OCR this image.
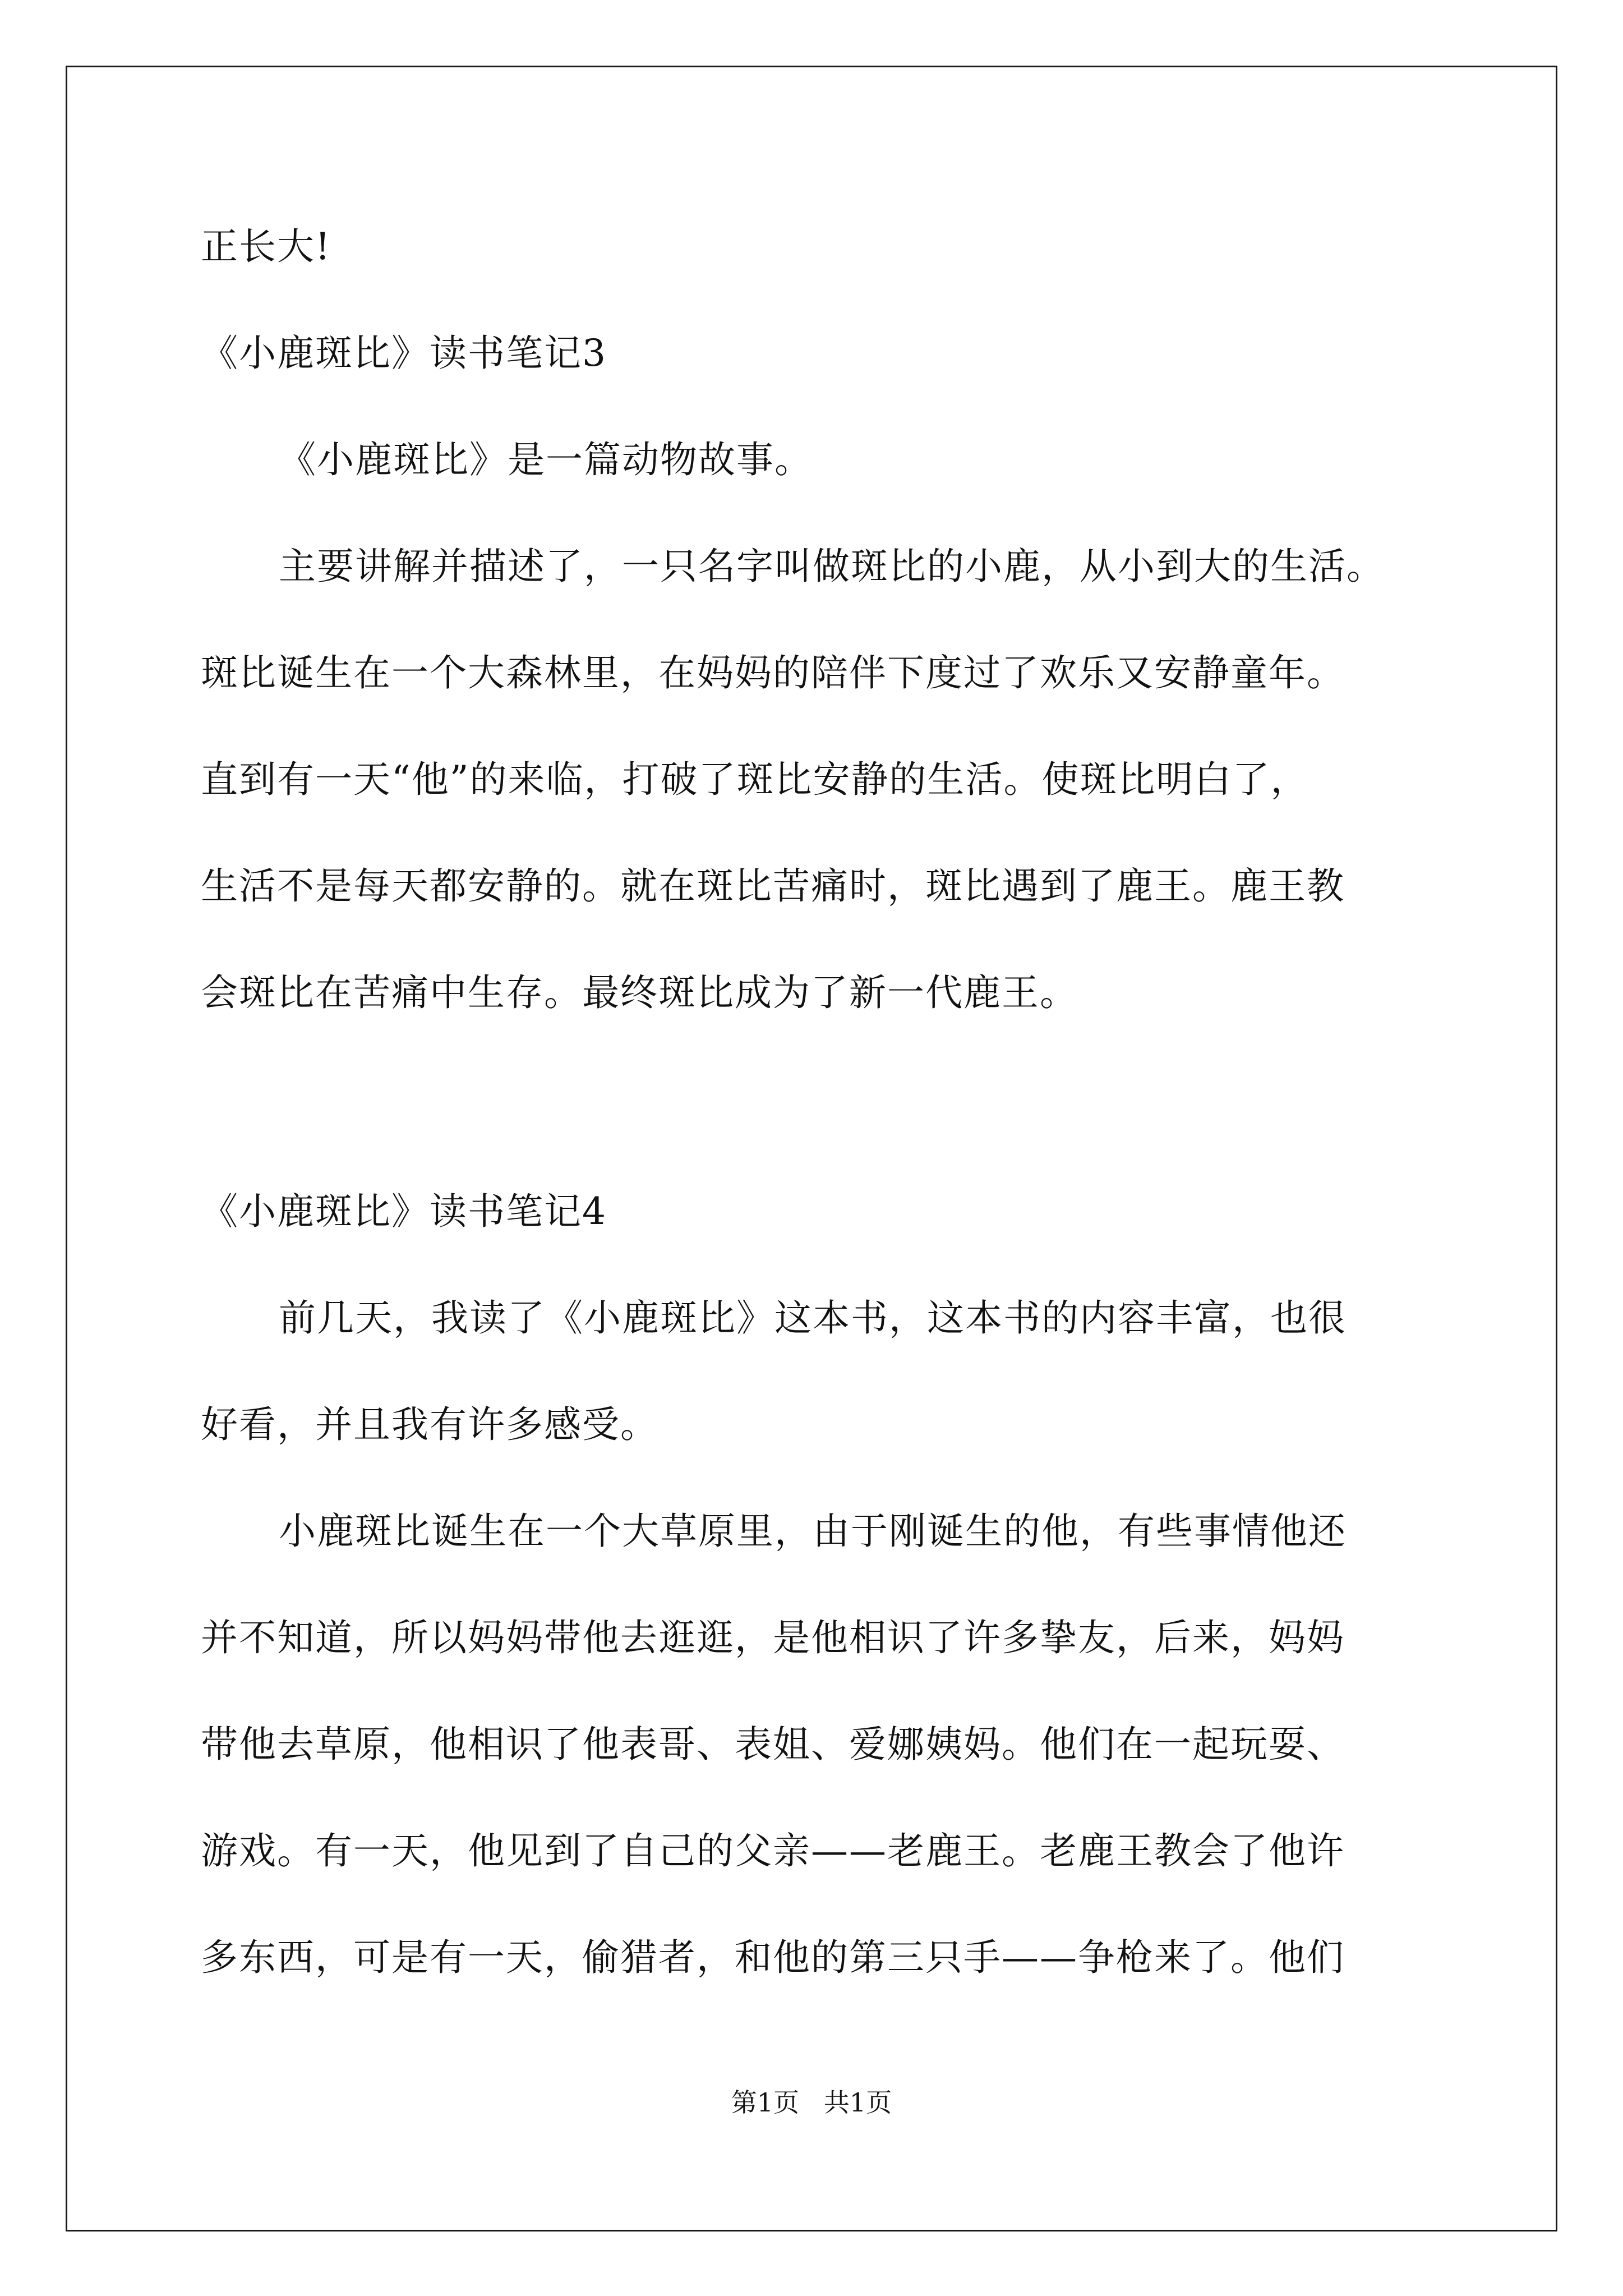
正长大!
《小鹿斑比》读书笔记3
《小鹿斑比》是一篇动物故事。
主要讲解并描述了，一只名字叫做斑比的小鹿，从小到大的生活。
斑比诞生在一个大森林里，在妈妈的陪伴下度过了欢乐又安静童年。
直到有一天“他”的来临，打破了斑比安静的生活。使斑比明白了，
生活不是每天都安静的。就在斑比苦痛时，斑比遇到了鹿王。鹿王教
会斑比在苦痛中生存。最终斑比成为了新一代鹿王。
《小鹿斑比》读书笔记4
前几天，我读了《小鹿斑比》这本书，这本书的内容丰富，也很
好看，并且我有许多感受。
小鹿斑比诞生在一个大草原里，由于刚诞生的他，有些事情他还
并不知道，所以妈妈带他去逛逛，是他相识了许多挚友，后来，妈妈
带他去草原，他相识了他表哥、表姐、爱娜姨妈。他们在一起玩耍、
游戏。有一天，他见到了自己的父亲——老鹿王。老鹿王教会了他许
多东西，可是有一天，偷猎者，和他的第三只手——争枪来了。他们
第1页   共1页
